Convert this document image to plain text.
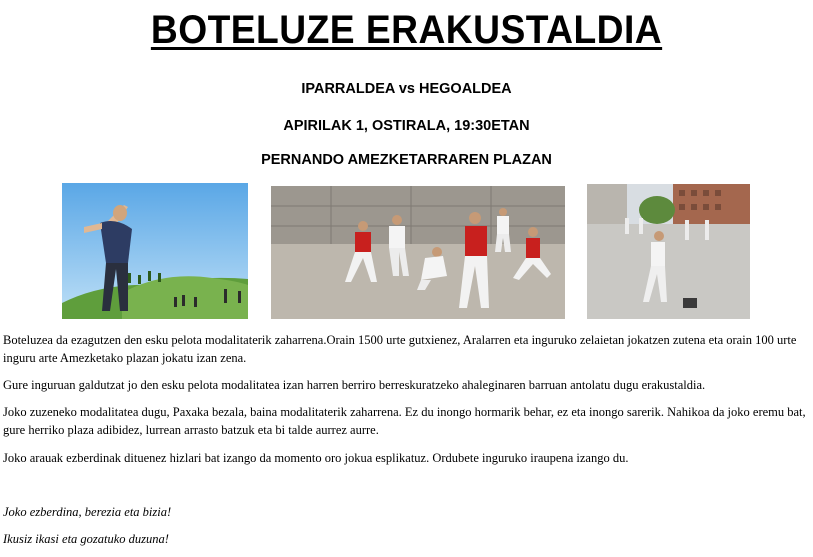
BOTELUZE ERAKUSTALDIA
IPARRALDEA vs HEGOALDEA
APIRILAK 1, OSTIRALA, 19:30ETAN
PERNANDO AMEZKETARRAREN PLAZAN

Boteluzea da ezagutzen den esku pelota modalitaterik zaharrena.Orain 1500 urte gutxienez, Aralarren eta inguruko zelaietan jokatzen zutena eta orain 100 urte inguru arte Amezketako plazan jokatu izan zena.

Gure inguruan galdutzat jo den esku pelota modalitatea izan harren berriro berreskuratzeko ahaleginaren barruan antolatu dugu erakustaldia.

Joko zuzeneko modalitatea dugu, Paxaka bezala, baina modalitaterik zaharrena. Ez du inongo hormarik behar, ez eta inongo sarerik. Nahikoa da joko eremu bat, gure herriko plaza adibidez, lurrean arrasto batzuk eta bi talde aurrez aurre.

Joko arauak ezberdinak dituenez hizlari bat izango da momento oro jokua esplikatuz. Ordubete inguruko iraupena izango du.

Joko ezberdina, berezia eta bizia!

Ikusiz ikasi eta gozatuko duzuna!
